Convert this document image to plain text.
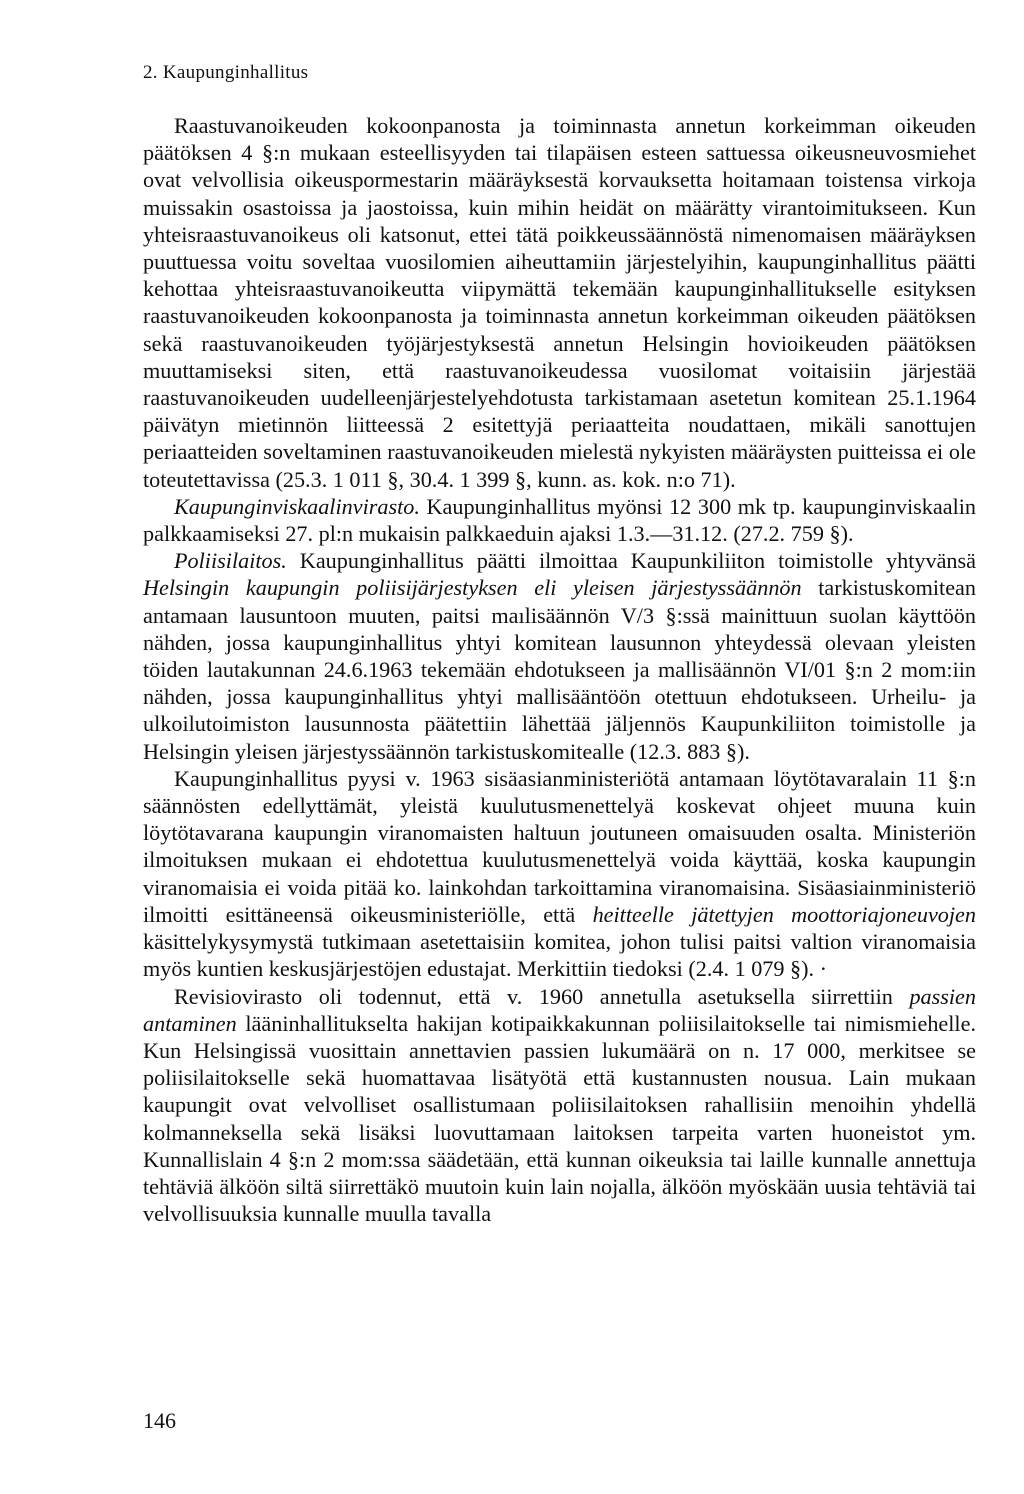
2. Kaupunginhallitus

Raastuvanoikeuden kokoonpanosta ja toiminnasta annetun korkeimman oikeuden päätöksen 4 §:n mukaan esteellisyyden tai tilapäisen esteen sattuessa oikeusneuvosmiehet ovat velvollisia oikeuspormestarin määräyksestä korvauksetta hoitamaan toistensa virkoja muissakin osastoissa ja jaostoissa, kuin mihin heidät on määrätty virantoimitukseen. Kun yhteisraastuvanoikeus oli katsonut, ettei tätä poikkeussäännöstä nimenomaisen määräyksen puuttuessa voitu soveltaa vuosilomien aiheuttamiin järjestelyihin, kaupunginhallitus päätti kehottaa yhteisraastuvanoikeutta viipymättä tekemään kaupunginhallitukselle esityksen raastuvanoikeuden kokoonpanosta ja toiminnasta annetun korkeimman oikeuden päätöksen sekä raastuvanoikeuden työjärjestyksestä annetun Helsingin hovioikeuden päätöksen muuttamiseksi siten, että raastuvanoikeudessa vuosilomat voitaisiin järjestää raastuvanoikeuden uudelleenjärjestelyehdotusta tarkistamaan asetetun komitean 25.1.1964 päivätyn mietinnön liitteessä 2 esitettyjä periaatteita noudattaen, mikäli sanottujen periaatteiden soveltaminen raastuvanoikeuden mielestä nykyisten määräysten puitteissa ei ole toteutettavissa (25.3. 1 011 §, 30.4. 1 399 §, kunn. as. kok. n:o 71).

Kaupunginviskaalinvirasto. Kaupunginhallitus myönsi 12 300 mk tp. kaupunginviskaalin palkkaamiseksi 27. pl:n mukaisin palkkaeduin ajaksi 1.3.—31.12. (27.2. 759 §).

Poliisilaitos. Kaupunginhallitus päätti ilmoittaa Kaupunkiliiton toimistolle yhtyvänsä Helsingin kaupungin poliisijärjestyksen eli yleisen järjestyssäännön tarkistuskomitean antamaan lausuntoon muuten, paitsi maılisäännön V/3 §:ssä mainittuun suolan käyttöön nähden, jossa kaupunginhallitus yhtyi komitean lausunnon yhteydessä olevaan yleisten töiden lautakunnan 24.6.1963 tekemään ehdotukseen ja mallisäännön VI/01 §:n 2 mom:iin nähden, jossa kaupunginhallitus yhtyi mallisääntöön otettuun ehdotukseen. Urheilu- ja ulkoilutoimiston lausunnosta päätettiin lähettää jäljennös Kaupunkiliiton toimistolle ja Helsingin yleisen järjestyssäännön tarkistuskomitealle (12.3. 883 §).

Kaupunginhallitus pyysi v. 1963 sisäasianministeriötä antamaan löytötavaralain 11 §:n säännösten edellyttämät, yleistä kuulutusmenettelyä koskevat ohjeet muuna kuin löytötavarana kaupungin viranomaisten haltuun joutuneen omaisuuden osalta. Ministeriön ilmoituksen mukaan ei ehdotettua kuulutusmenettelyä voida käyttää, koska kaupungin viranomaisia ei voida pitää ko. lainkohdan tarkoittamina viranomaisina. Sisäasiainministeriö ilmoitti esittäneensä oikeusministeriölle, että heitteelle jätettyjen moottoriajoneuvojen käsittelykysymystä tutkimaan asetettaisiin komitea, johon tulisi paitsi valtion viranomaisia myös kuntien keskusjärjestöjen edustajat. Merkittiin tiedoksi (2.4. 1 079 §). ·

Revisiovirasto oli todennut, että v. 1960 annetulla asetuksella siirrettiin passien antaminen lääninhallitukselta hakijan kotipaikkakunnan poliisilaitokselle tai nimismiehelle. Kun Helsingissä vuosittain annettavien passien lukumäärä on n. 17 000, merkitsee se poliisilaitokselle sekä huomattavaa lisätyötä että kustannusten nousua. Lain mukaan kaupungit ovat velvolliset osallistumaan poliisilaitoksen rahallisiin menoihin yhdellä kolmanneksella sekä lisäksi luovuttamaan laitoksen tarpeita varten huoneistot ym. Kunnallislain 4 §:n 2 mom:ssa säädetään, että kunnan oikeuksia tai laille kunnalle annettuja tehtäviä älköön siltä siirrettäkö muutoin kuin lain nojalla, älköön myöskään uusia tehtäviä tai velvollisuuksia kunnalle muulla tavalla

146
